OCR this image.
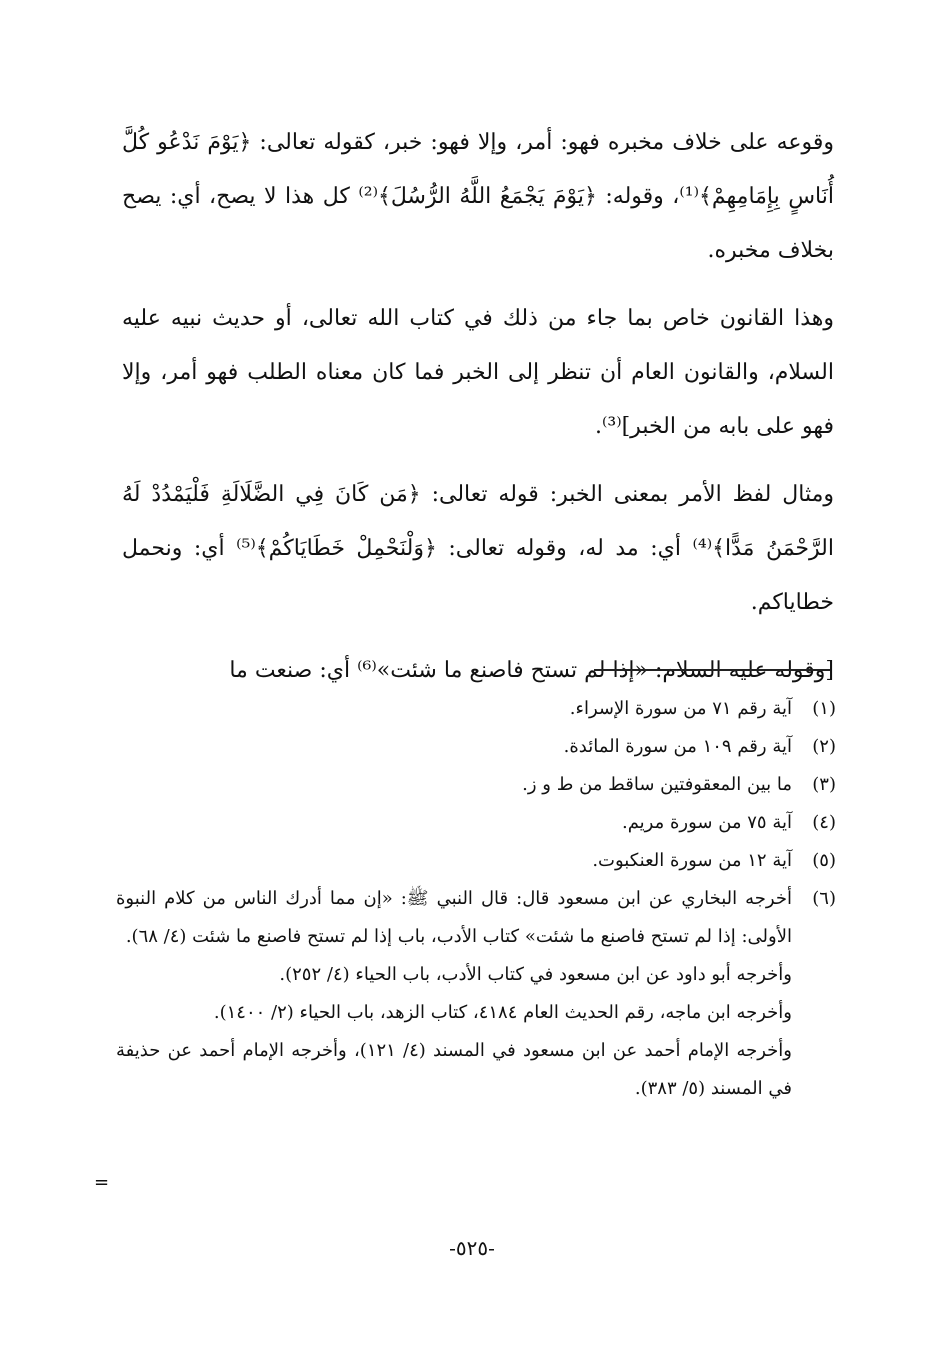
وقوعه على خلاف مخبره فهو: أمر، وإلا فهو: خبر، كقوله تعالى: ﴿يَوْمَ نَدْعُو كُلَّ أُنَاسٍ بِإِمَامِهِمْ﴾⁽¹⁾، وقوله: ﴿يَوْمَ يَجْمَعُ اللَّهُ الرُّسُلَ﴾⁽²⁾ كل هذا لا يصح، أي: يصح بخلاف مخبره.

وهذا القانون خاص بما جاء من ذلك في كتاب الله تعالى، أو حديث نبيه عليه السلام، والقانون العام أن تنظر إلى الخبر فما كان معناه الطلب فهو أمر، وإلا فهو على بابه من الخبر]⁽³⁾.

ومثال لفظ الأمر بمعنى الخبر: قوله تعالى: ﴿مَن كَانَ فِي الضَّلَالَةِ فَلْيَمْدُدْ لَهُ الرَّحْمَنُ مَدًّا﴾⁽⁴⁾ أي: مد له، وقوله تعالى: ﴿وَلْنَحْمِلْ خَطَايَاكُمْ﴾⁽⁵⁾ أي: ونحمل خطاياكم.

[وقوله عليه السلام: «إذا لم تستح فاصنع ما شئت»⁽⁶⁾ أي: صنعت ما

(١)
آية رقم ٧١ من سورة الإسراء.
(٢)
آية رقم ١٠٩ من سورة المائدة.
(٣)
ما بين المعقوفتين ساقط من ط و ز.
(٤)
آية ٧٥ من سورة مريم.
(٥)
آية ١٢ من سورة العنكبوت.
(٦)
أخرجه البخاري عن ابن مسعود قال: قال النبي ﷺ: «إن مما أدرك الناس من كلام النبوة الأولى: إذا لم تستح فاصنع ما شئت» كتاب الأدب، باب إذا لم تستح فاصنع ما شئت (٤/ ٦٨).
وأخرجه أبو داود عن ابن مسعود في كتاب الأدب، باب الحياء (٤/ ٢٥٢).
وأخرجه ابن ماجه، رقم الحديث العام ٤١٨٤، كتاب الزهد، باب الحياء (٢/ ١٤٠٠).
وأخرجه الإمام أحمد عن ابن مسعود في المسند (٤/ ١٢١)، وأخرجه الإمام أحمد عن حذيفة في المسند (٥/ ٣٨٣).
=
-٥٢٥-
